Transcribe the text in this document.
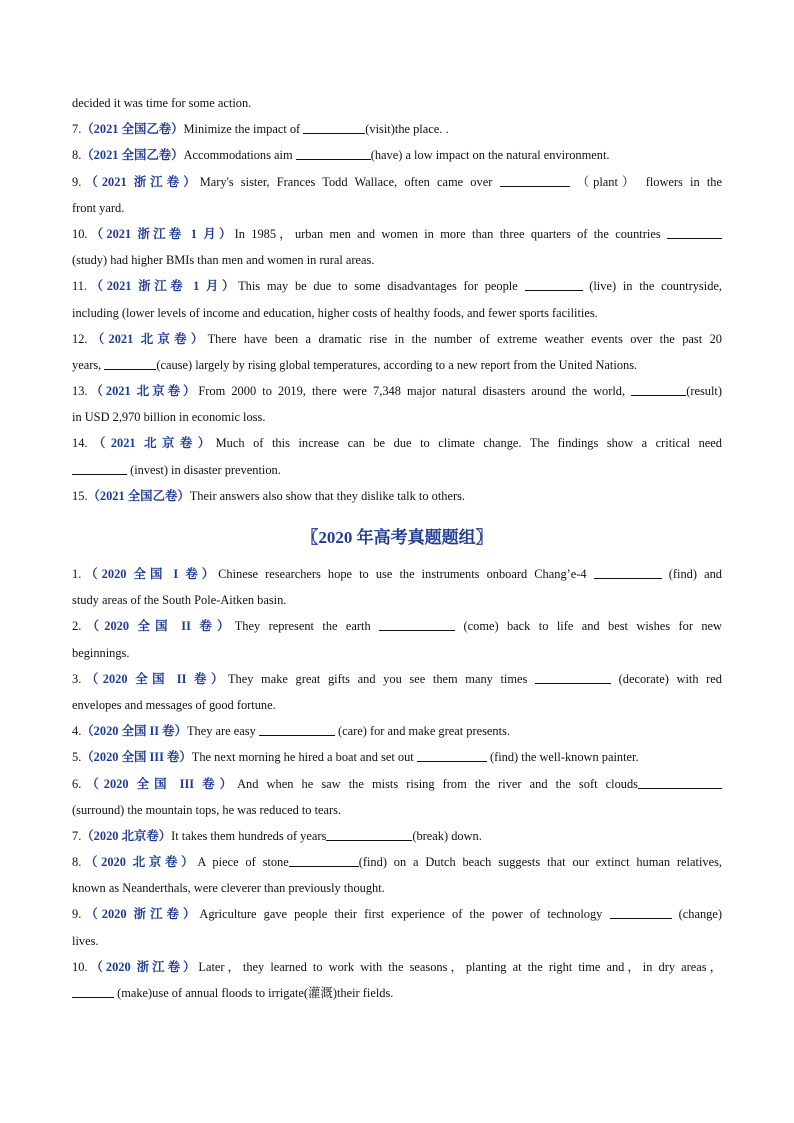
decided it was time for some action.
7.（2021 全国乙卷）Minimize the impact of	(visit)the place. .
8.（2021 全国乙卷）Accommodations aim	(have) a low impact on the natural environment.
9.（2021 浙江卷）Mary's sister, Frances Todd Wallace, often came over	（plant） flowers in the
front yard.
10.（2021 浙江卷 1 月）In 1985，urban men and women in more than three quarters of the countries
(study) had higher BMIs than men and women in rural areas.
11.（2021 浙江卷 1 月）This may be due to some disadvantages for people	(live) in the countryside,
including (lower levels of income and education, higher costs of healthy foods, and fewer sports facilities.
12.（2021 北京卷）There have been a dramatic rise in the number of extreme weather events over the past 20
years,	(cause) largely by rising global temperatures, according to a new report from the United Nations.
13.（2021 北京卷）From 2000 to 2019, there were 7,348 major natural disasters around the world,	(result)
in USD 2,970 billion in economic loss.
14.（2021 北京卷）Much of this increase can be due to climate change. The findings show a critical need
(invest) in disaster prevention.
15.（2021 全国乙卷）Their answers also show that they dislike talk to others.
〖2020 年高考真题题组〗
1.（2020 全国 I 卷）Chinese researchers hope to use the instruments onboard Chang’e-4	(find) and
study areas of the South Pole-Aitken basin.
2.（2020 全国 II 卷）They represent the earth	(come) back to life and best wishes for new
beginnings.
3.（2020 全国 II 卷）They make great gifts and you see them many times	(decorate) with red
envelopes and messages of good fortune.
4.（2020 全国 II 卷）They are easy	(care) for and make great presents.
5.（2020 全国 III 卷）The next morning he hired a boat and set out	(find) the well-known painter.
6.（2020 全国 III 卷）And when he saw the mists rising from the river and the soft clouds
(surround) the mountain tops, he was reduced to tears.
7.（2020 北京卷）It takes them hundreds of years	(break) down.
8.（2020 北京卷）A piece of stone	(find) on a Dutch beach suggests that our extinct human relatives,
known as Neanderthals, were cleverer than previously thought.
9.（2020 浙江卷）Agriculture gave people their first experience of the power of technology	(change)
lives.
10.（2020 浙江卷）Later，they learned to work with the seasons，planting at the right time and，in dry areas，
(make)use of annual floods to irrigate(灌溉)their fields.
